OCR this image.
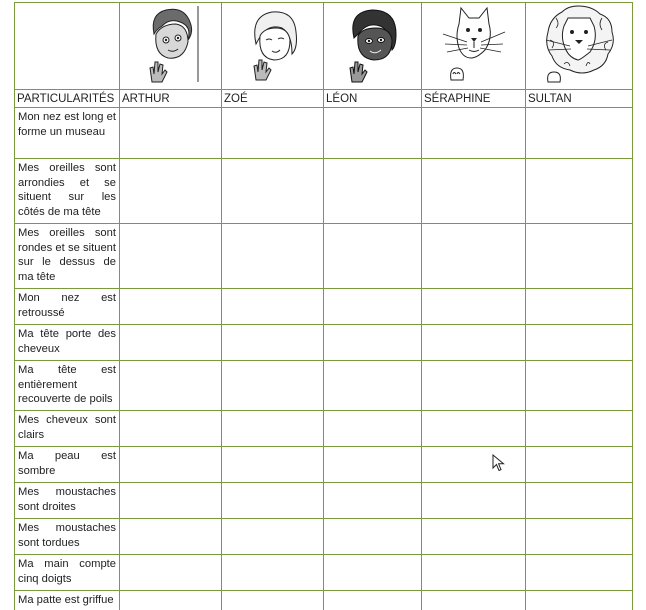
PARTICULARITÉS	ARTHUR	ZOÉ	LÉON	SÉRAPHINE	SULTAN
Mon nez est long et forme un museau					
Mes oreilles sont arrondies et se situent sur les côtés de ma tête					
Mes oreilles sont rondes et se situent sur le dessus de ma tête					
Mon nez est retroussé					
Ma tête porte des cheveux					
Ma tête est entièrement recouverte de poils					
Mes cheveux sont clairs					
Ma peau est sombre					
Mes moustaches sont droites					
Mes moustaches sont tordues					
Ma main compte cinq doigts					
Ma patte est griffue					
